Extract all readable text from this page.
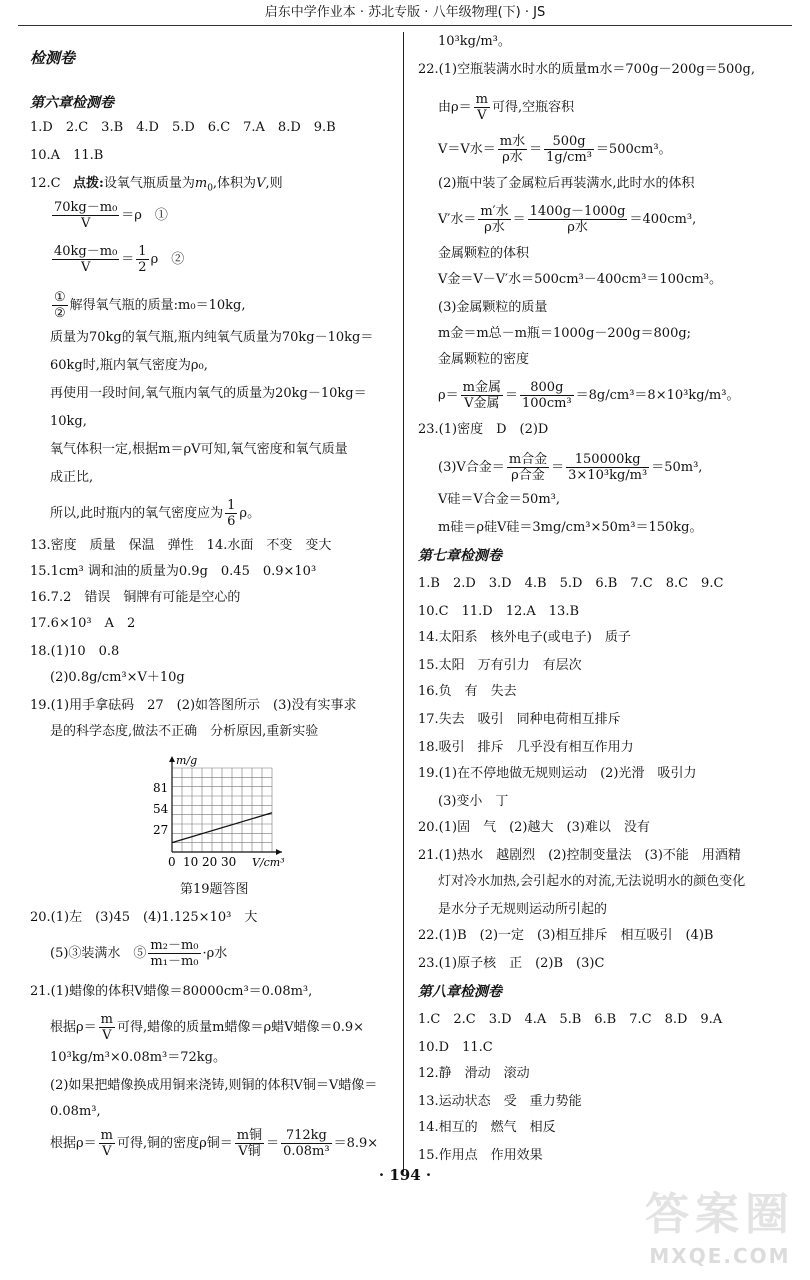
启东中学作业本 · 苏北专版 · 八年级物理(下) · JS
检测卷
第六章检测卷
1.D　2.C　3.B　4.D　5.D　6.C　7.A　8.D　9.B
10.A　11.B
12.C 点拨:设氧气瓶质量为$m_0$,体积为V,则
$\frac{\text{70kg－m₀}}{V} =\rho$　①
$\frac{\text{40kg－m₀}}{V} = \frac{1}{2}$ ρ　②
$\frac{\text{①}}{\text{②}}$ 解得氧气瓶的质量:m₀＝10kg,
质量为70kg的氧气瓶,瓶内纯氧气质量为70kg－10kg＝
60kg时,瓶内氧气密度为ρ₀,
再使用一段时间,氧气瓶内氧气的质量为20kg－10kg＝
10kg,
氧气体积一定,根据m＝ρV可知,氧气密度和氧气质量
成正比,
所以,此时瓶内的氧气密度应为 $\frac{1}{6}$ ρ。
13.密度　质量　保温　弹性　14.水面　不变　变大
15.1cm³ 调和油的质量为0.9g　0.45　0.9×10³
16.7.2　错误　铜牌有可能是空心的
17.6×10³　A　2
18.(1)10　0.8
(2)0.8g/cm³×V＋10g
19.(1)用手拿砝码　27　(2)如答图所示　(3)没有实事求
是的科学态度,做法不正确　分析原因,重新实验
20.(1)左　(3)45　(4)1.125×10³　大
(5)③装满水　⑤ $\frac{\text{m₂－m₀}}{\text{m₁－m₀}} \cdot\rho$水
21.(1)蜡像的体积V蜡像＝80000cm³＝0.08m³,
根据$\rho= \frac{m}{V}$ 可得,蜡像的质量m蜡像＝ρ蜡V蜡像＝0.9×
10³kg/m³×0.08m³＝72kg。
(2)如果把蜡像换成用铜来浇铸,则铜的体积V铜＝V蜡像＝
0.08m³,
根据$\rho= \frac{m}{V}$ 可得,铜的密度ρ铜＝ $\frac{\text{m铜}}{\text{V铜}} = \frac{712kg}{\text{0.08m³}} =8.9\times$
m/g
V/cm³
81
54
27
0 10 20 30
第19题答图
10³kg/m³。
22.(1)空瓶装满水时水的质量m水＝700g－200g＝500g,
由$\rho= \frac{m}{V}$ 可得,空瓶容积
V＝V水＝ $\frac{\text{m水}}{\text{ρ水}} = \frac{500g}{\text{1g/cm³}} =500cm^3$。
(2)瓶中装了金属粒后再装满水,此时水的体积
V′水＝ $\frac{\text{m′水}}{\text{ρ水}} = \frac{1400g-1000g}{\text{ρ水}} =400cm^3$,
金属颗粒的体积
V金＝V－V′水＝500cm³－400cm³＝100cm³。
(3)金属颗粒的质量
m金＝m总－m瓶＝1000g－200g＝800g;
金属颗粒的密度
$\rho= \frac{\text{m金属}}{\text{V金属}} = \frac{800g}{\text{100cm³}} =8g/cm^3=8\times 10^3kg/m^3$。
23.(1)密度　D　(2)D
(3)V合金＝ $\frac{\text{m合金}}{\text{ρ合金}} = \frac{150000kg}{\text{3×10³kg/m³}} =50m^3$,
V硅＝V合金＝50m³,
m硅＝ρ硅V硅＝3mg/cm³×50m³＝150kg。
第七章检测卷
1.B　2.D　3.D　4.B　5.D　6.B　7.C　8.C　9.C
10.C　11.D　12.A　13.B
14.太阳系　核外电子(或电子)　质子
15.太阳　万有引力　有层次
16.负　有　失去
17.失去　吸引　同种电荷相互排斥
18.吸引　排斥　几乎没有相互作用力
19.(1)在不停地做无规则运动　(2)光滑　吸引力
(3)变小　丁
20.(1)固　气　(2)越大　(3)难以　没有
21.(1)热水　越剧烈　(2)控制变量法　(3)不能　用酒精
灯对冷水加热,会引起水的对流,无法说明水的颜色变化
是水分子无规则运动所引起的
22.(1)B　(2)一定　(3)相互排斥　相互吸引　(4)B
23.(1)原子核　正　(2)B　(3)C
第八章检测卷
1.C　2.C　3.D　4.A　5.B　6.B　7.C　8.D　9.A
10.D　11.C
12.静　滑动　滚动
13.运动状态　受　重力势能
14.相互的　燃气　相反
15.作用点　作用效果
· 194 ·
答案圈
MXQE.COM
